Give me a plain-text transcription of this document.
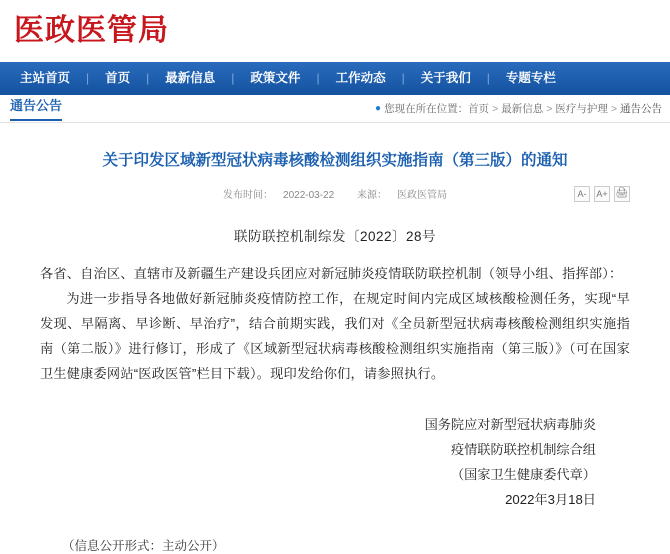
医政医管局
主站首页	|	首页	|	最新信息	|	政策文件	|	工作动态	|	关于我们	|	专题专栏
通告公告	● 您现在所在位置： 首页 > 最新信息 > 医疗与护理 > 通告公告
关于印发区域新型冠状病毒核酸检测组织实施指南（第三版）的通知
发布时间： 2022-03-22 来源： 医政医管局	A-	A+ 🖨
联防联控机制综发〔2022〕28号

各省、自治区、直辖市及新疆生产建设兵团应对新冠肺炎疫情联防联控机制（领导小组、指挥部）：

为进一步指导各地做好新冠肺炎疫情防控工作，在规定时间内完成区域核酸检测任务，实现“早发现、早隔离、早诊断、早治疗”，结合前期实践，我们对《全员新型冠状病毒核酸检测组织实施指南（第二版）》进行修订，形成了《区域新型冠状病毒核酸检测组织实施指南（第三版）》（可在国家卫生健康委网站“医政医管”栏目下载）。现印发给你们，请参照执行。

国务院应对新型冠状病毒肺炎
疫情联防联控机制综合组
（国家卫生健康委代章）
2022年3月18日
（信息公开形式：主动公开）
